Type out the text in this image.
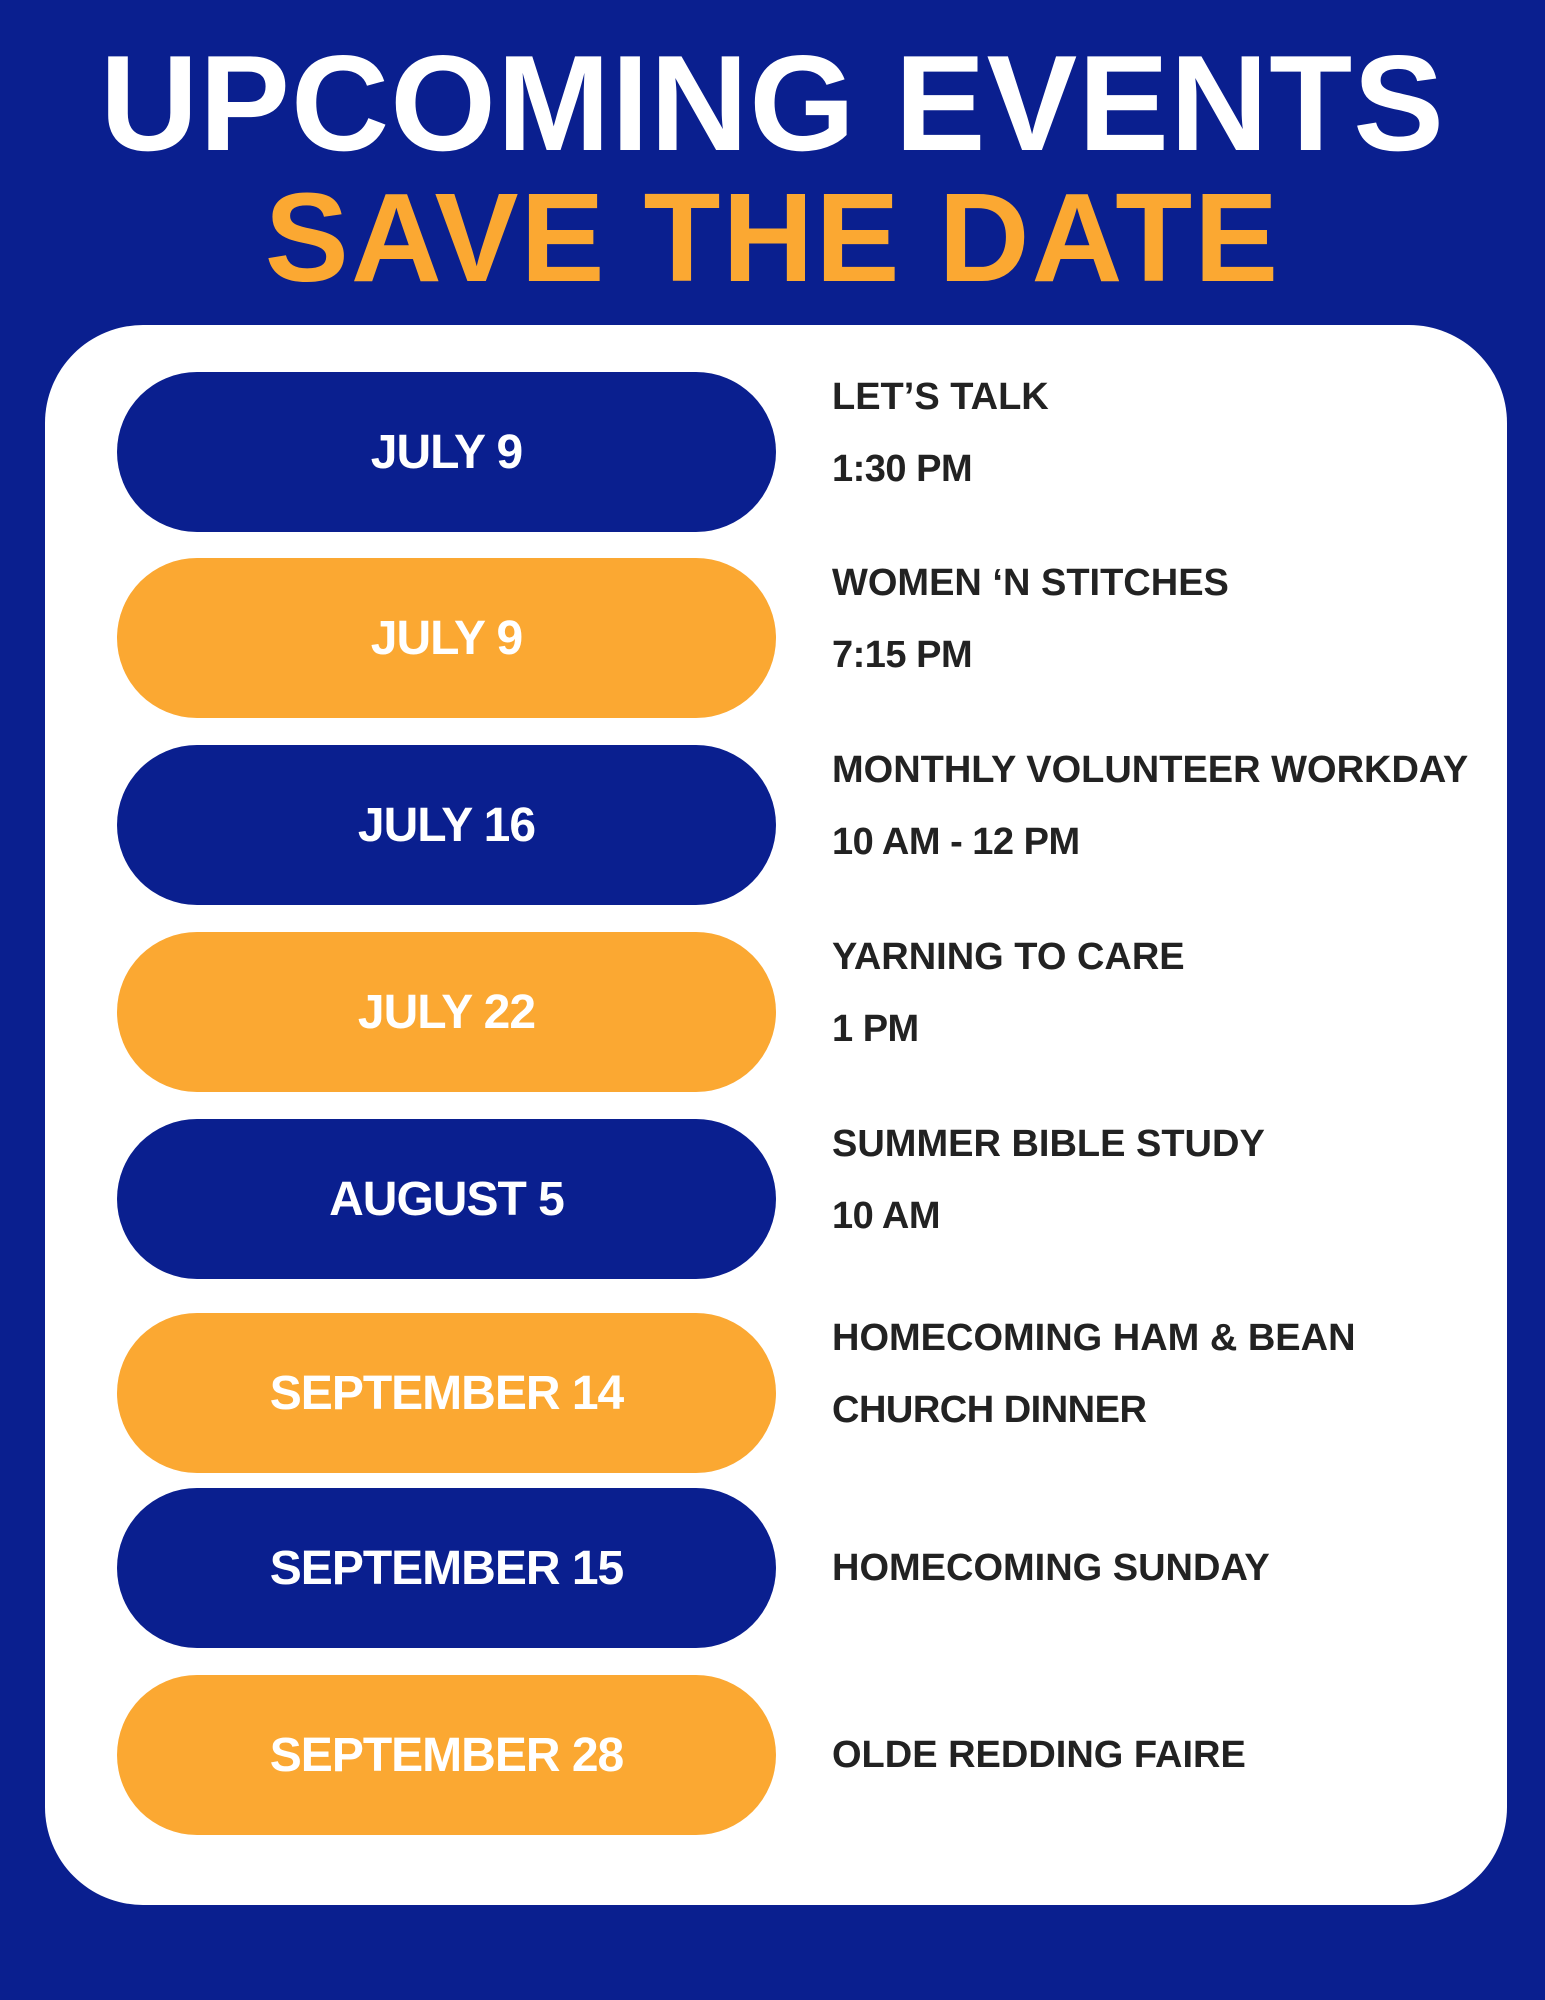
UPCOMING EVENTS
SAVE THE DATE
JULY 9
LET’S TALK
1:30 PM
JULY 9
WOMEN ‘N STITCHES
7:15 PM
JULY 16
MONTHLY VOLUNTEER WORKDAY
10 AM - 12 PM
JULY 22
YARNING TO CARE
1 PM
AUGUST 5
SUMMER BIBLE STUDY
10 AM
SEPTEMBER 14
HOMECOMING HAM & BEAN
CHURCH DINNER
SEPTEMBER 15	HOMECOMING SUNDAY
SEPTEMBER 28	OLDE REDDING FAIRE
